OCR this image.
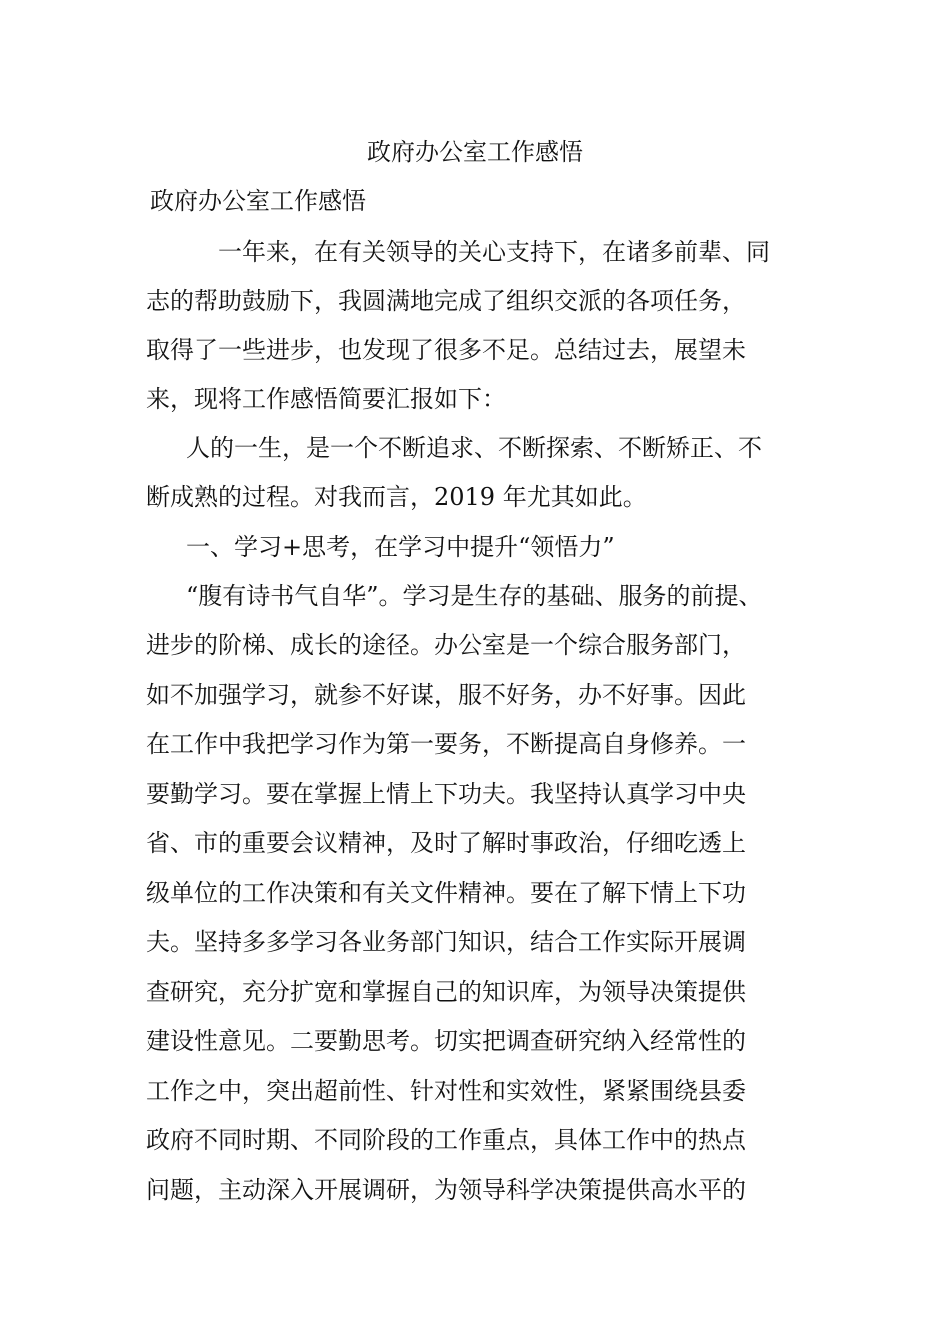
政府办公室工作感悟

政府办公室工作感悟

一年来，在有关领导的关心支持下，在诸多前辈、同

志的帮助鼓励下，我圆满地完成了组织交派的各项任务，

取得了一些进步，也发现了很多不足。总结过去，展望未

来，现将工作感悟简要汇报如下：

人的一生，是一个不断追求、不断探索、不断矫正、不

断成熟的过程。对我而言，2019 年尤其如此。

一、学习+思考，在学习中提升“领悟力”

“腹有诗书气自华”。学习是生存的基础、服务的前提、

进步的阶梯、成长的途径。办公室是一个综合服务部门，

如不加强学习，就参不好谋，服不好务，办不好事。因此

在工作中我把学习作为第一要务，不断提高自身修养。一

要勤学习。要在掌握上情上下功夫。我坚持认真学习中央

省、市的重要会议精神，及时了解时事政治，仔细吃透上

级单位的工作决策和有关文件精神。要在了解下情上下功

夫。坚持多多学习各业务部门知识，结合工作实际开展调

查研究，充分扩宽和掌握自己的知识库，为领导决策提供

建设性意见。二要勤思考。切实把调查研究纳入经常性的

工作之中，突出超前性、针对性和实效性，紧紧围绕县委

政府不同时期、不同阶段的工作重点，具体工作中的热点

问题，主动深入开展调研，为领导科学决策提供高水平的
